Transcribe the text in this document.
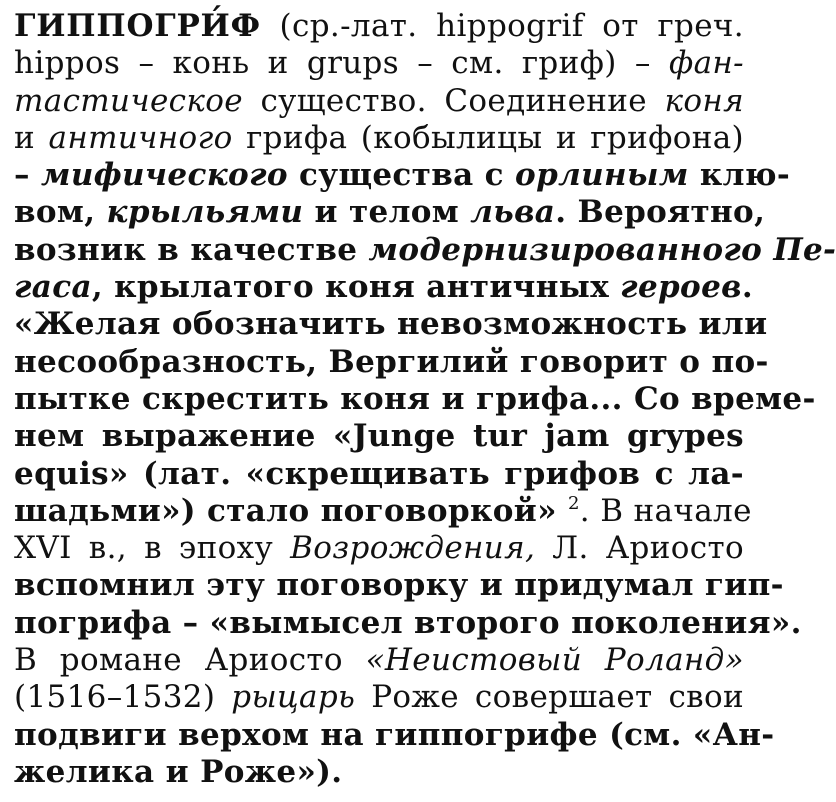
ГИППОГРИ́Ф (ср.-лат. hippogrif от греч.
hippos – конь и grups – см. гриф) – фан-
тастическое существо. Соединение коня
и античного грифа (кобылицы и грифона)
– мифического существа с орлиным клю-
вом, крыльями и телом льва. Вероятно,
возник в качестве модернизированного Пе-
гаса, крылатого коня античных героев.
«Желая обозначить невозможность или
несообразность, Вергилий говорит о по-
пытке скрестить коня и грифа... Со време-
нем выражение «Junge tur jam grypes
equis» (лат. «скрещивать грифов с ла-
шадьми») стало поговоркой» $^2$. В начале
XVI в., в эпоху Возрождения, Л. Ариосто
вспомнил эту поговорку и придумал гип-
погрифа – «вымысел второго поколения».
В романе Ариосто «Неистовый Роланд»
(1516–1532) рыцарь Роже совершает свои
подвиги верхом на гиппогрифе (см. «Ан-
желика и Роже»).
